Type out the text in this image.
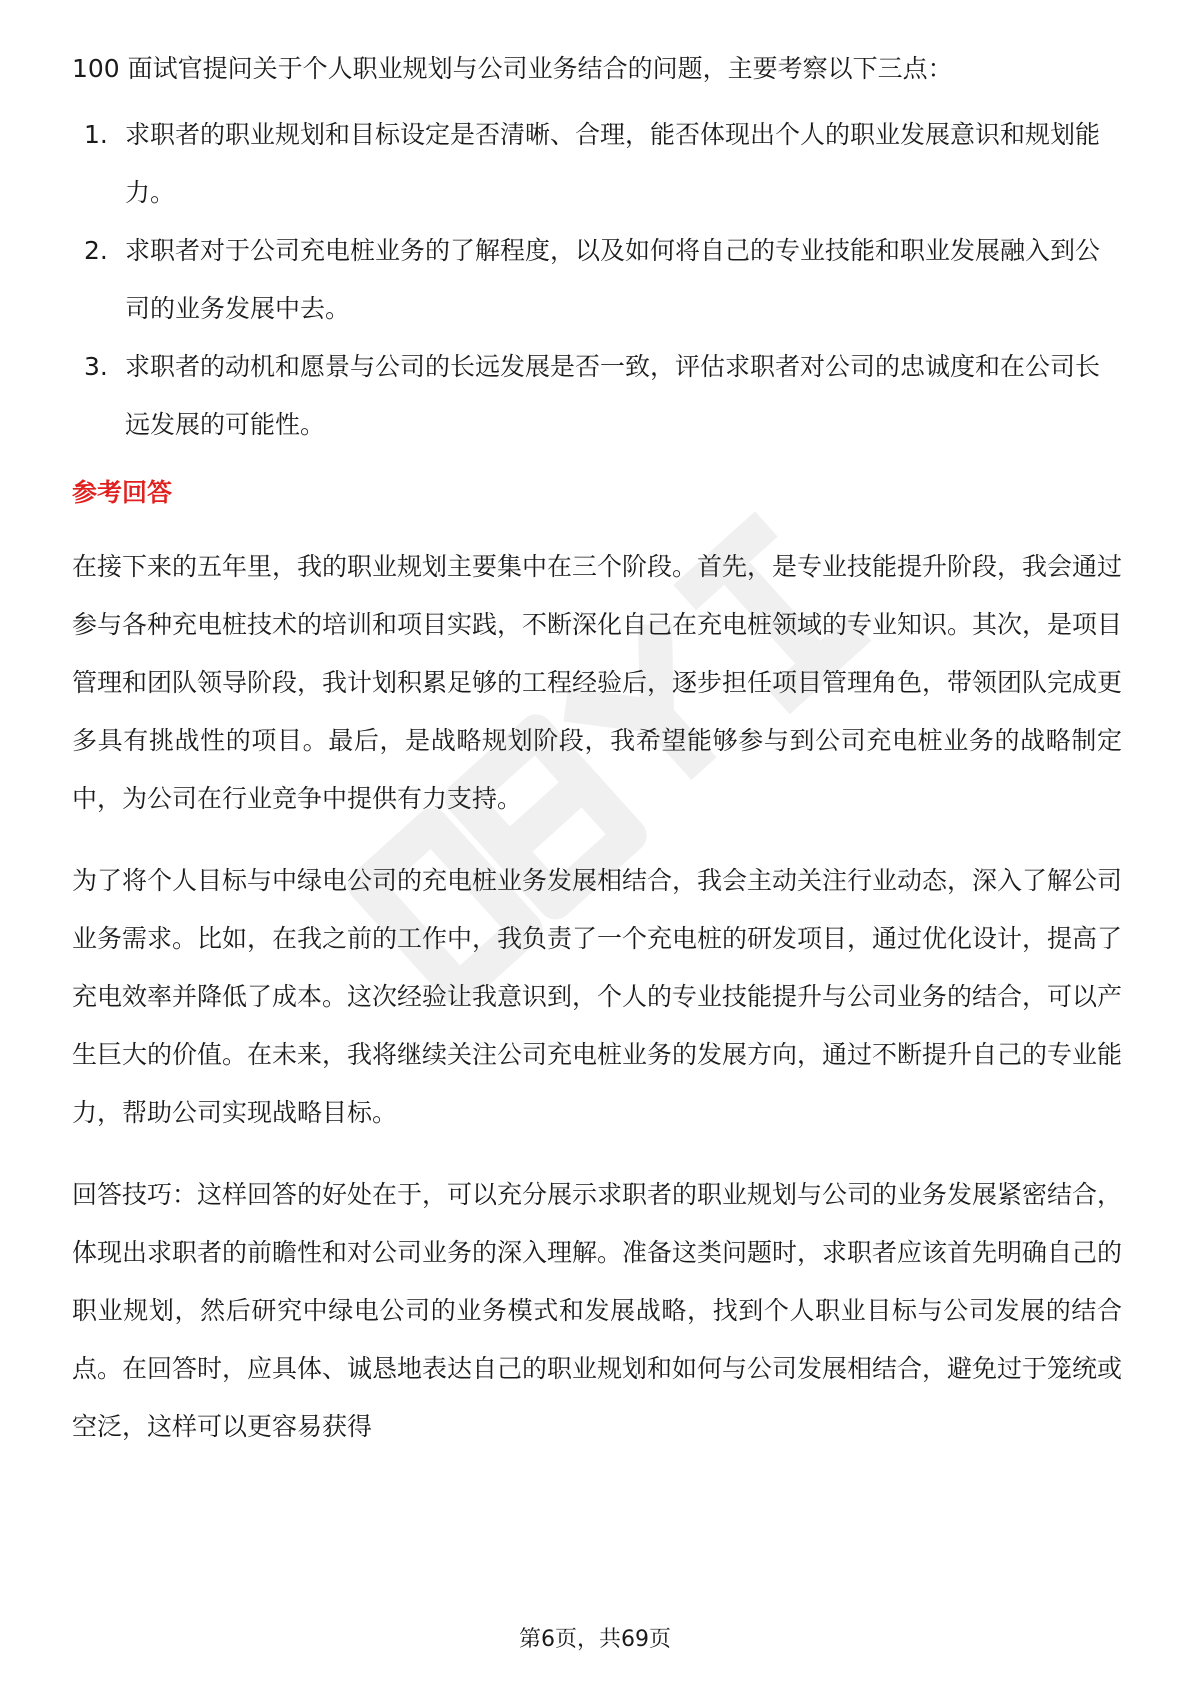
100 面试官提问关于个人职业规划与公司业务结合的问题，主要考察以下三点：

1. 求职者的职业规划和目标设定是否清晰、合理，能否体现出个人的职业发展意识和规划能力。
2. 求职者对于公司充电桩业务的了解程度，以及如何将自己的专业技能和职业发展融入到公司的业务发展中去。
3. 求职者的动机和愿景与公司的长远发展是否一致，评估求职者对公司的忠诚度和在公司长远发展的可能性。
参考回答

在接下来的五年里，我的职业规划主要集中在三个阶段。首先，是专业技能提升阶段，我会通过参与各种充电桩技术的培训和项目实践，不断深化自己在充电桩领域的专业知识。其次，是项目管理和团队领导阶段，我计划积累足够的工程经验后，逐步担任项目管理角色，带领团队完成更多具有挑战性的项目。最后，是战略规划阶段，我希望能够参与到公司充电桩业务的战略制定中，为公司在行业竞争中提供有力支持。

为了将个人目标与中绿电公司的充电桩业务发展相结合，我会主动关注行业动态，深入了解公司业务需求。比如，在我之前的工作中，我负责了一个充电桩的研发项目，通过优化设计，提高了充电效率并降低了成本。这次经验让我意识到，个人的专业技能提升与公司业务的结合，可以产生巨大的价值。在未来，我将继续关注公司充电桩业务的发展方向，通过不断提升自己的专业能力，帮助公司实现战略目标。

回答技巧：这样回答的好处在于，可以充分展示求职者的职业规划与公司的业务发展紧密结合，体现出求职者的前瞻性和对公司业务的深入理解。准备这类问题时，求职者应该首先明确自己的职业规划，然后研究中绿电公司的业务模式和发展战略，找到个人职业目标与公司发展的结合点。在回答时，应具体、诚恳地表达自己的职业规划和如何与公司发展相结合，避免过于笼统或空泛，这样可以更容易获得

第6页，共69页
